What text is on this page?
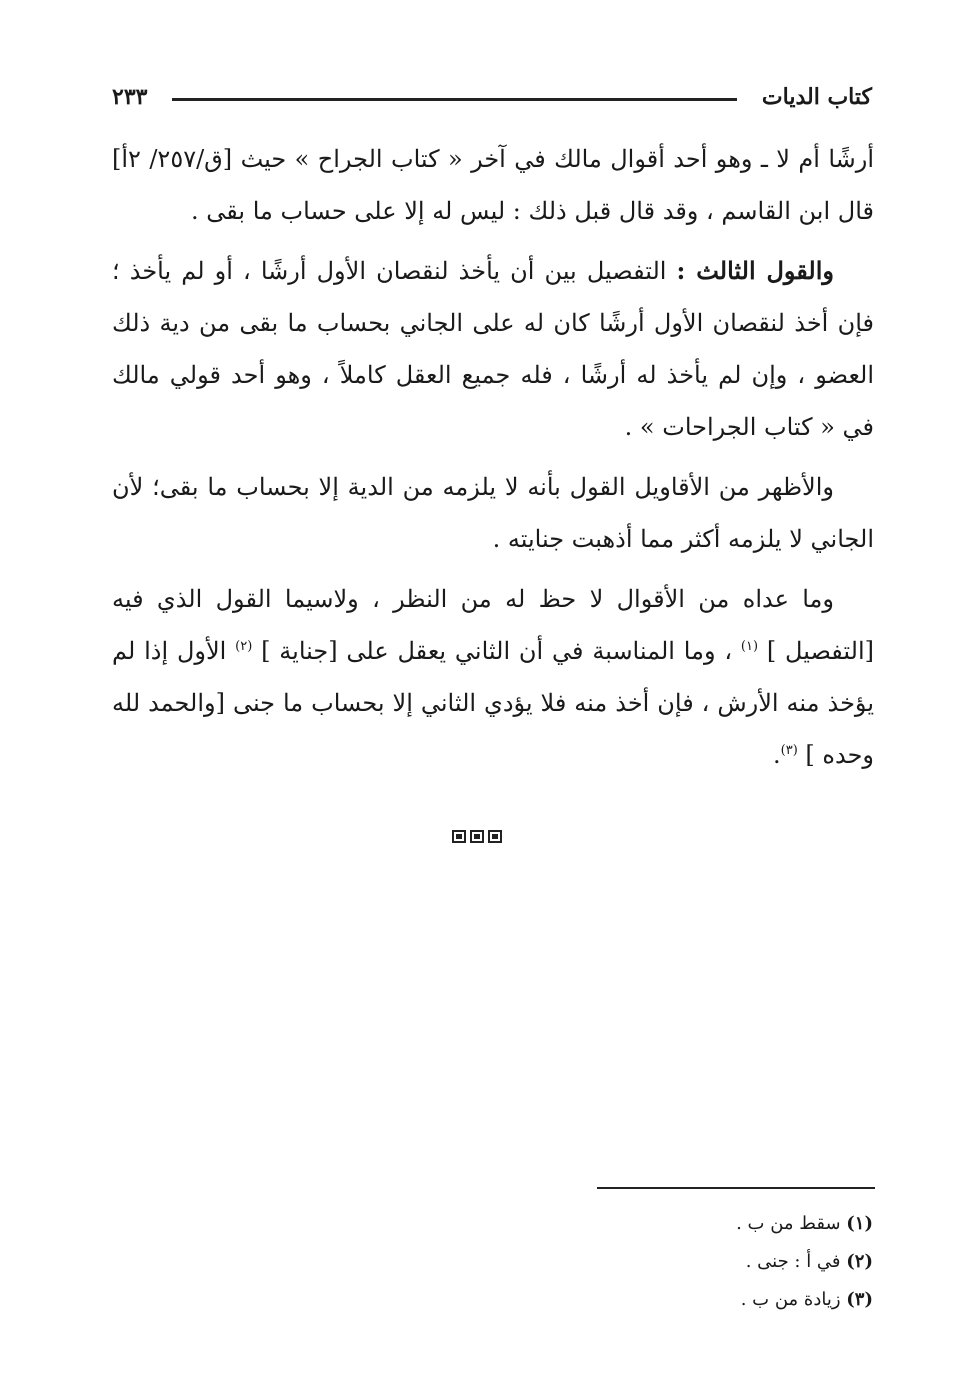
كتاب الديات
٢٣٣

أرشًا أم لا ـ وهو أحد أقوال مالك في آخر « كتاب الجراح » حيث [ق/٢٥٧/ ٢أ] قال ابن القاسم ، وقد قال قبل ذلك : ليس له إلا على حساب ما بقى .

والقول الثالث : التفصيل بين أن يأخذ لنقصان الأول أرشًا ، أو لم يأخذ ؛ فإن أخذ لنقصان الأول أرشًا كان له على الجاني بحساب ما بقى من دية ذلك العضو ، وإن لم يأخذ له أرشًا ، فله جميع العقل كاملاً ، وهو أحد قولي مالك في « كتاب الجراحات » .

والأظهر من الأقاويل القول بأنه لا يلزمه من الدية إلا بحساب ما بقى؛ لأن الجاني لا يلزمه أكثر مما أذهبت جنايته .

وما عداه من الأقوال لا حظ له من النظر ، ولاسيما القول الذي فيه [التفصيل ] $^{(١)}$ ، وما المناسبة في أن الثاني يعقل على [جناية ] $^{(٢)}$ الأول إذا لم يؤخذ منه الأرش ، فإن أخذ منه فلا يؤدي الثاني إلا بحساب ما جنى [والحمد لله وحده ] $^{(٣)}$.

(١) سقط من ب .
(٢) في أ : جنى .
(٣) زيادة من ب .
